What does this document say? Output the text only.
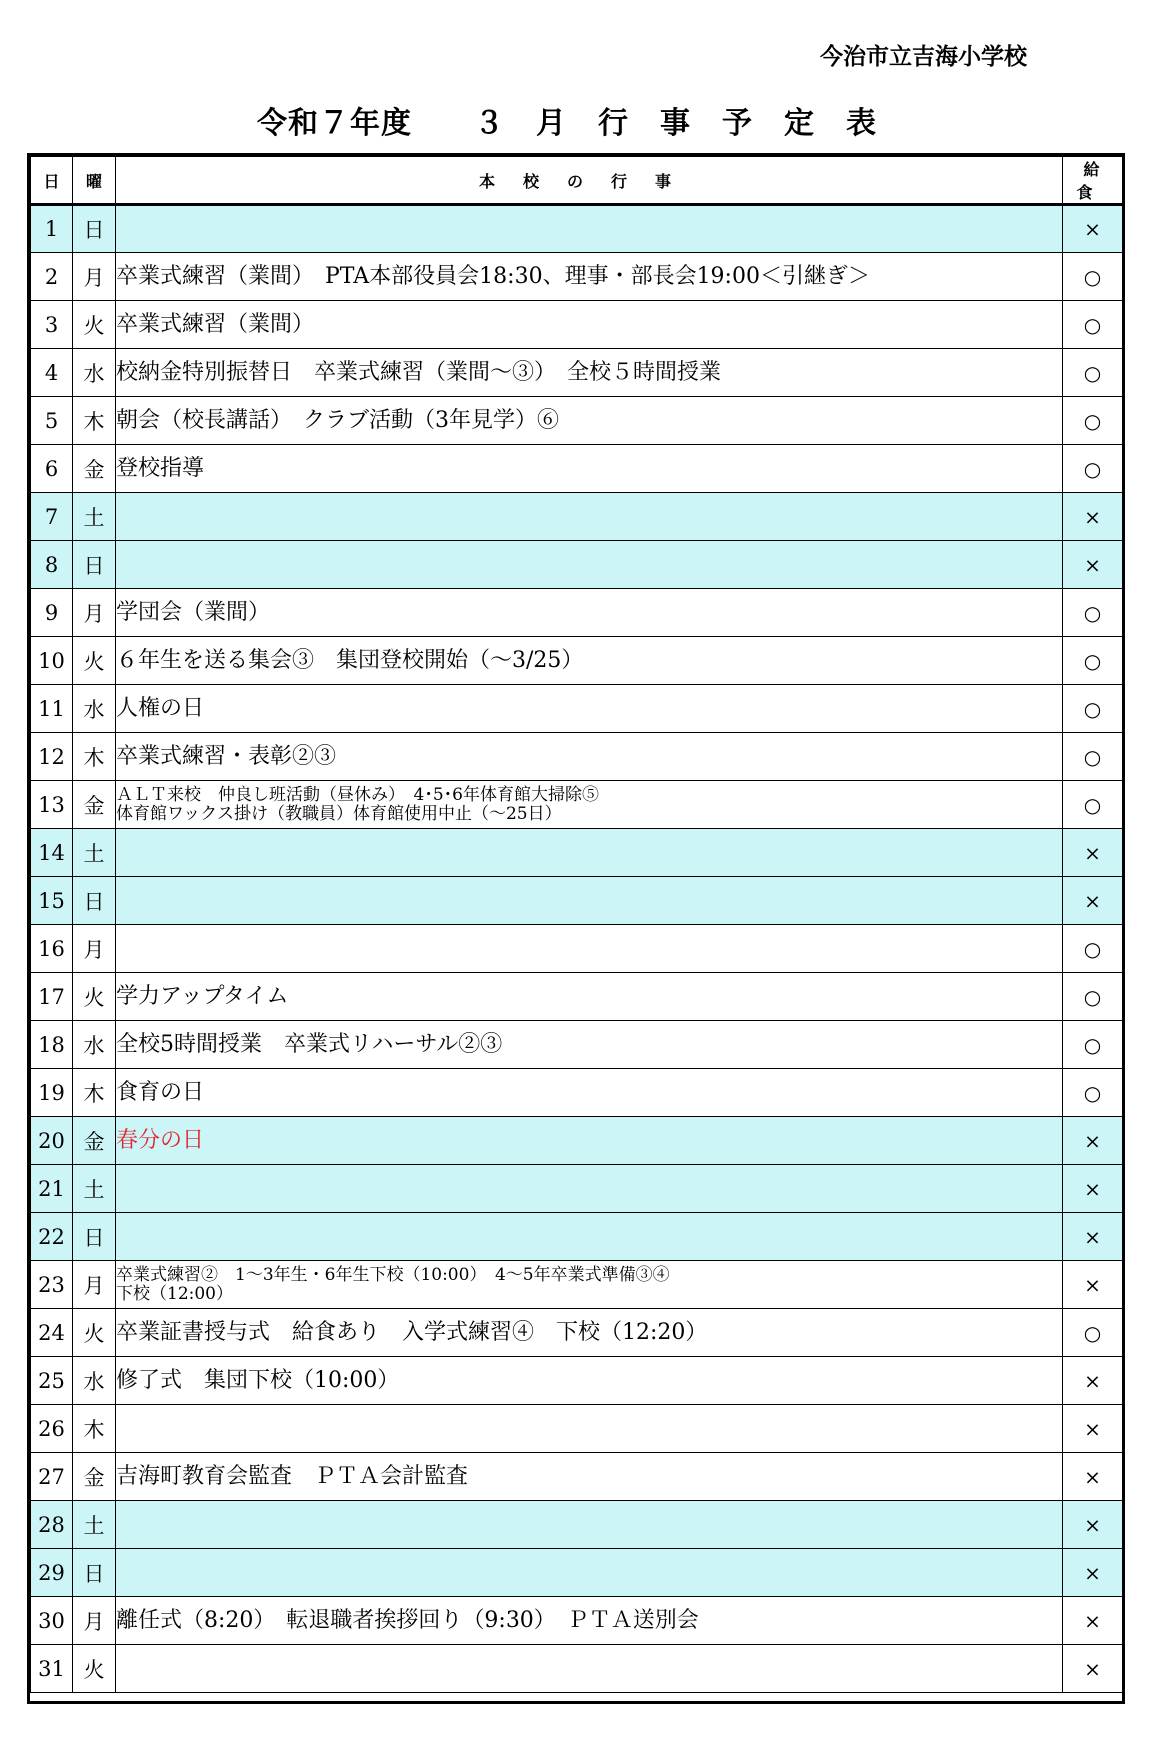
今治市立吉海小学校
令和７年度　　３　月　行　事　予　定　表
日	曜	本校の行事	給食
1	日		×
2	月	卒業式練習（業間）　PTA本部役員会18:30、理事・部長会19:00＜引継ぎ＞	○
3	火	卒業式練習（業間）	○
4	水	校納金特別振替日　卒業式練習（業間～③）　全校５時間授業	○
5	木	朝会（校長講話）　クラブ活動（3年見学）⑥	○
6	金	登校指導	○
7	土		×
8	日		×
9	月	学団会（業間）	○
10	火	６年生を送る集会③　集団登校開始（～3/25）	○
11	水	人権の日	○
12	木	卒業式練習・表彰②③	○
13	金	ＡＬＴ来校　仲良し班活動（昼休み）　4･5･6年体育館大掃除⑤
体育館ワックス掛け（教職員）体育館使用中止（～25日）	○
14	土		×
15	日		×
16	月		○
17	火	学力アップタイム	○
18	水	全校5時間授業　卒業式リハーサル②③	○
19	木	食育の日	○
20	金	春分の日	×
21	土		×
22	日		×
23	月	卒業式練習②　1～3年生・6年生下校（10:00）　4～5年卒業式準備③④
下校（12:00）	×
24	火	卒業証書授与式　給食あり　入学式練習④　下校（12:20）	○
25	水	修了式　集団下校（10:00）	×
26	木		×
27	金	吉海町教育会監査　ＰＴＡ会計監査	×
28	土		×
29	日		×
30	月	離任式（8:20）　転退職者挨拶回り（9:30）　ＰＴＡ送別会	×
31	火		×
